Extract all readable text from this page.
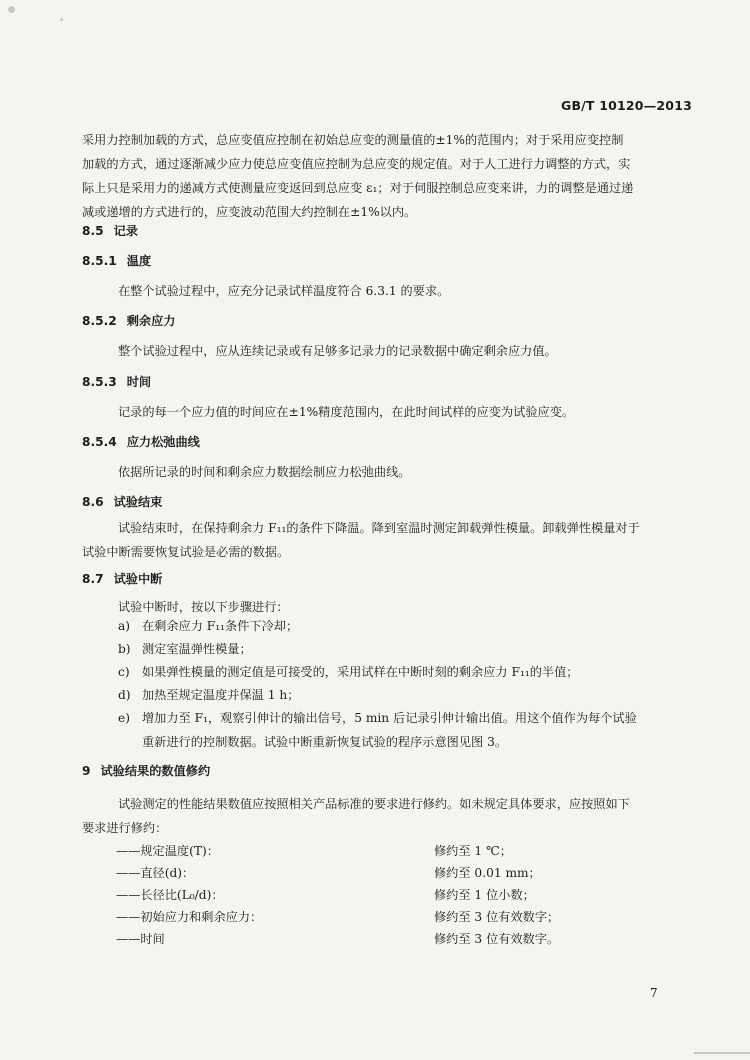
GB/T 10120—2013
采用力控制加载的方式，总应变值应控制在初始总应变的测量值的±1%的范围内；对于采用应变控制
加载的方式，通过逐渐减少应力使总应变值应控制为总应变的规定值。对于人工进行力调整的方式，实
际上只是采用力的递减方式使测量应变返回到总应变 ε₁；对于伺服控制总应变来讲，力的调整是通过递
减或递增的方式进行的，应变波动范围大约控制在±1%以内。
8.5 记录
8.5.1 温度
在整个试验过程中，应充分记录试样温度符合 6.3.1 的要求。
8.5.2 剩余应力
整个试验过程中，应从连续记录或有足够多记录力的记录数据中确定剩余应力值。
8.5.3 时间
记录的每一个应力值的时间应在±1%精度范围内，在此时间试样的应变为试验应变。
8.5.4 应力松弛曲线
依据所记录的时间和剩余应力数据绘制应力松弛曲线。
8.6 试验结束
试验结束时，在保持剩余力 F₁₁的条件下降温。降到室温时测定卸载弹性模量。卸载弹性模量对于
试验中断需要恢复试验是必需的数据。
8.7 试验中断
试验中断时，按以下步骤进行：
a) 在剩余应力 F₁₁条件下冷却；
b) 测定室温弹性模量；
c) 如果弹性模量的测定值是可接受的，采用试样在中断时刻的剩余应力 F₁₁的半值；
d) 加热至规定温度并保温 1 h；
e) 增加力至 F₁，观察引伸计的输出信号，5 min 后记录引伸计输出值。用这个值作为每个试验
重新进行的控制数据。试验中断重新恢复试验的程序示意图见图 3。
9 试验结果的数值修约
试验测定的性能结果数值应按照相关产品标准的要求进行修约。如未规定具体要求，应按照如下
要求进行修约：
——规定温度(T)：	修约至 1 ℃；
——直径(d)：	修约至 0.01 mm；
——长径比(L₀/d)：	修约至 1 位小数；
——初始应力和剩余应力：	修约至 3 位有效数字；
——时间	修约至 3 位有效数字。
7
